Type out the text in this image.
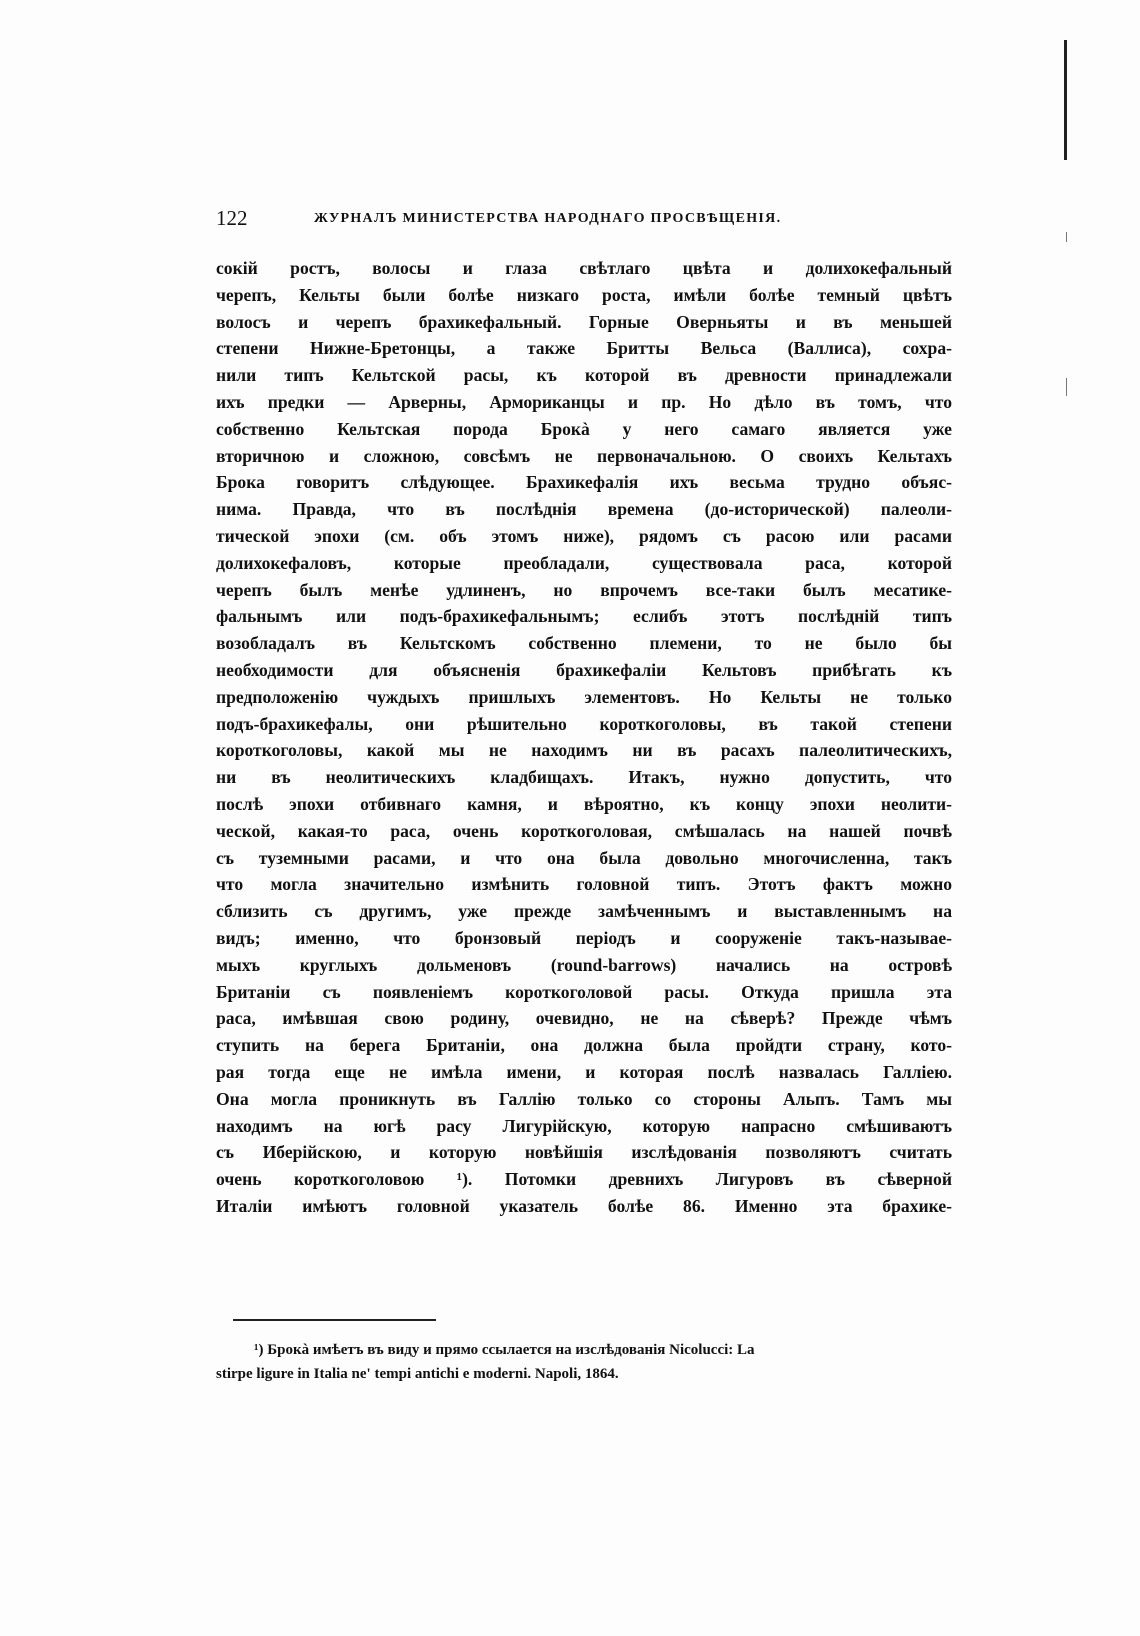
122	ЖУРНАЛЪ МИНИСТЕРСТВА НАРОДНАГО ПРОСВѢЩЕНІЯ.
сокій ростъ, волосы и глаза свѣтлаго цвѣта и долихокефальный
черепъ, Кельты были болѣе низкаго роста, имѣли болѣе темный цвѣтъ
волосъ и черепъ брахикефальный. Горные Оверньяты и въ меньшей
степени Нижне-Бретонцы, а также Бритты Вельса (Валлиса), сохра-
нили типъ Кельтской расы, къ которой въ древности принадлежали
ихъ предки — Арверны, Армориканцы и пр. Но дѣло въ томъ, что
собственно Кельтская порода Брокà у него самаго является уже
вторичною и сложною, совсѣмъ не первоначальною. О своихъ Кельтахъ
Брока говоритъ слѣдующее. Брахикефалія ихъ весьма трудно объяс-
нима. Правда, что въ послѣднія времена (до-исторической) палеоли-
тической эпохи (см. объ этомъ ниже), рядомъ съ расою или расами
долихокефаловъ, которые преобладали, существовала раса, которой
черепъ былъ менѣе удлиненъ, но впрочемъ все-таки былъ месатике-
фальнымъ или подъ-брахикефальнымъ; еслибъ этотъ послѣдній типъ
возобладалъ въ Кельтскомъ собственно племени, то не было бы
необходимости для объясненія брахикефаліи Кельтовъ прибѣгать къ
предположенію чуждыхъ пришлыхъ элементовъ. Но Кельты не только
подъ-брахикефалы, они рѣшительно короткоголовы, въ такой степени
короткоголовы, какой мы не находимъ ни въ расахъ палеолитическихъ,
ни въ неолитическихъ кладбищахъ. Итакъ, нужно допустить, что
послѣ эпохи отбивнаго камня, и вѣроятно, къ концу эпохи неолити-
ческой, какая-то раса, очень короткоголовая, смѣшалась на нашей почвѣ
съ туземными расами, и что она была довольно многочисленна, такъ
что могла значительно измѣнить головной типъ. Этотъ фактъ можно
сблизить съ другимъ, уже прежде замѣченнымъ и выставленнымъ на
видъ; именно, что бронзовый періодъ и сооруженіе такъ-называе-
мыхъ круглыхъ дольменовъ (round-barrows) начались на островѣ
Британіи съ появленіемъ короткоголовой расы. Откуда пришла эта
раса, имѣвшая свою родину, очевидно, не на сѣверѣ? Прежде чѣмъ
ступить на берега Британіи, она должна была пройдти страну, кото-
рая тогда еще не имѣла имени, и которая послѣ назвалась Галліею.
Она могла проникнуть въ Галлію только со стороны Альпъ. Тамъ мы
находимъ на югѣ расу Лигурійскую, которую напрасно смѣшиваютъ
съ Иберійскою, и которую новѣйшія изслѣдованія позволяютъ считать
очень короткоголовою ¹). Потомки древнихъ Лигуровъ въ сѣверной
Италіи имѣютъ головной указатель болѣе 86. Именно эта брахике-
¹) Брокà имѣетъ въ виду и прямо ссылается на изслѣдованія Nicolucci: La
stirpe ligure in Italia ne' tempi antichi e moderni. Napoli, 1864.
